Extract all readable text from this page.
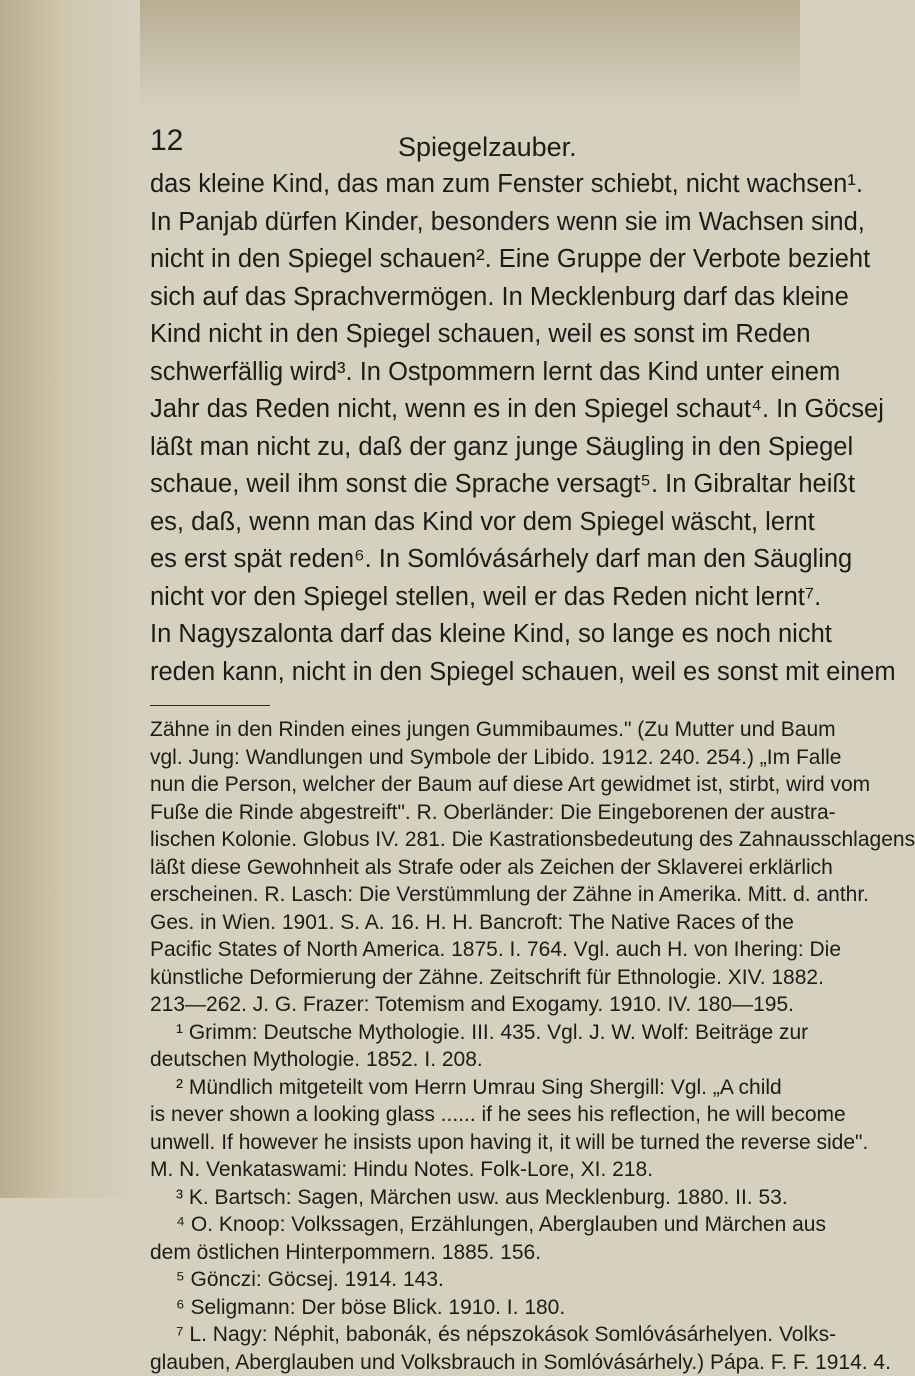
12	Spiegelzauber.

das kleine Kind, das man zum Fenster schiebt, nicht wachsen¹.
In Panjab dürfen Kinder, besonders wenn sie im Wachsen sind,
nicht in den Spiegel schauen². Eine Gruppe der Verbote bezieht
sich auf das Sprachvermögen. In Mecklenburg darf das kleine
Kind nicht in den Spiegel schauen, weil es sonst im Reden
schwerfällig wird³. In Ostpommern lernt das Kind unter einem
Jahr das Reden nicht, wenn es in den Spiegel schaut⁴. In Göcsej
läßt man nicht zu, daß der ganz junge Säugling in den Spiegel
schaue, weil ihm sonst die Sprache versagt⁵. In Gibraltar heißt
es, daß, wenn man das Kind vor dem Spiegel wäscht, lernt
es erst spät reden⁶. In Somlóvásárhely darf man den Säugling
nicht vor den Spiegel stellen, weil er das Reden nicht lernt⁷.
In Nagyszalonta darf das kleine Kind, so lange es noch nicht
reden kann, nicht in den Spiegel schauen, weil es sonst mit einem

Zähne in den Rinden eines jungen Gummibaumes." (Zu Mutter und Baum
vgl. Jung: Wandlungen und Symbole der Libido. 1912. 240. 254.) „Im Falle
nun die Person, welcher der Baum auf diese Art gewidmet ist, stirbt, wird vom
Fuße die Rinde abgestreift". R. Oberländer: Die Eingeborenen der austra-
lischen Kolonie. Globus IV. 281. Die Kastrationsbedeutung des Zahnausschlagens
läßt diese Gewohnheit als Strafe oder als Zeichen der Sklaverei erklärlich
erscheinen. R. Lasch: Die Verstümmlung der Zähne in Amerika. Mitt. d. anthr.
Ges. in Wien. 1901. S. A. 16. H. H. Bancroft: The Native Races of the
Pacific States of North America. 1875. I. 764. Vgl. auch H. von Ihering: Die
künstliche Deformierung der Zähne. Zeitschrift für Ethnologie. XIV. 1882.
213—262. J. G. Frazer: Totemism and Exogamy. 1910. IV. 180—195.
¹ Grimm: Deutsche Mythologie. III. 435. Vgl. J. W. Wolf: Beiträge zur
deutschen Mythologie. 1852. I. 208.
² Mündlich mitgeteilt vom Herrn Umrau Sing Shergill: Vgl. „A child
is never shown a looking glass ...... if he sees his reflection, he will become
unwell. If however he insists upon having it, it will be turned the reverse side".
M. N. Venkataswami: Hindu Notes. Folk-Lore, XI. 218.
³ K. Bartsch: Sagen, Märchen usw. aus Mecklenburg. 1880. II. 53.
⁴ O. Knoop: Volkssagen, Erzählungen, Aberglauben und Märchen aus
dem östlichen Hinterpommern. 1885. 156.
⁵ Gönczi: Göcsej. 1914. 143.
⁶ Seligmann: Der böse Blick. 1910. I. 180.
⁷ L. Nagy: Néphit, babonák, és népszokások Somlóvásárhelyen. Volks-
glauben, Aberglauben und Volksbrauch in Somlóvásárhely.) Pápa. F. F. 1914. 4.
